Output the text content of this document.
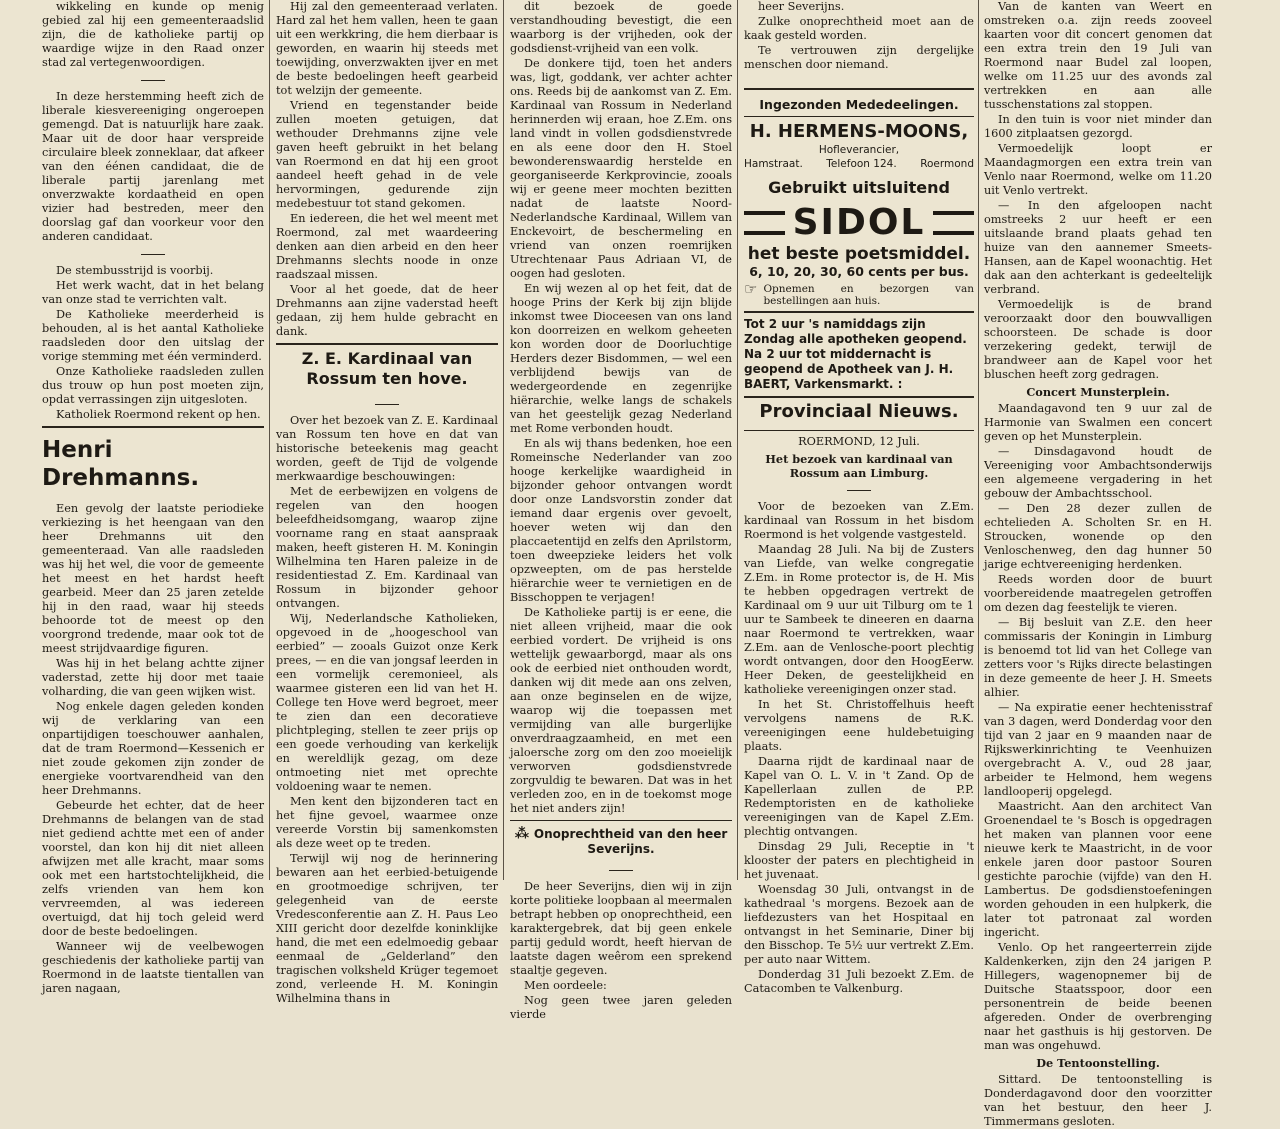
wikkeling en kunde op menig gebied zal hij een gemeenteraadslid zijn, die de katholieke partij op waardige wijze in den Raad onzer stad zal vertegenwoordigen.

In deze herstemming heeft zich de liberale kiesvereeniging ongeroepen gemengd. Dat is natuurlijk hare zaak. Maar uit de door haar verspreide circulaire bleek zonneklaar, dat afkeer van den éénen candidaat, die de liberale partij jarenlang met onverzwakte kordaatheid en open vizier had bestreden, meer den doorslag gaf dan voorkeur voor den anderen candidaat.

De stembusstrijd is voorbij.

Het werk wacht, dat in het belang van onze stad te verrichten valt.

De Katholieke meerderheid is behouden, al is het aantal Katholieke raadsleden door den uitslag der vorige stemming met één verminderd.

Onze Katholieke raadsleden zullen dus trouw op hun post moeten zijn, opdat verrassingen zijn uitgesloten.

Katholiek Roermond rekent op hen.

Henri Drehmanns.

Een gevolg der laatste periodieke verkiezing is het heengaan van den heer Drehmanns uit den gemeenteraad. Van alle raadsleden was hij het wel, die voor de gemeente het meest en het hardst heeft gearbeid. Meer dan 25 jaren zetelde hij in den raad, waar hij steeds behoorde tot de meest op den voorgrond tredende, maar ook tot de meest strijdvaardige figuren.

Was hij in het belang achtte zijner vaderstad, zette hij door met taaie volharding, die van geen wijken wist.

Nog enkele dagen geleden konden wij de verklaring van een onpartijdigen toeschouwer aanhalen, dat de tram Roermond—Kessenich er niet zoude gekomen zijn zonder de energieke voortvarendheid van den heer Drehmanns.

Gebeurde het echter, dat de heer Drehmanns de belangen van de stad niet gediend achtte met een of ander voorstel, dan kon hij dit niet alleen afwijzen met alle kracht, maar soms ook met een hartstochtelijkheid, die zelfs vrienden van hem kon vervreemden, al was iedereen overtuigd, dat hij toch geleid werd door de beste bedoelingen.

Wanneer wij de veelbewogen geschiedenis der katholieke partij van Roermond in de laatste tientallen van jaren nagaan,

Hij zal den gemeenteraad verlaten. Hard zal het hem vallen, heen te gaan uit een werkkring, die hem dierbaar is geworden, en waarin hij steeds met toewijding, onverzwakten ijver en met de beste bedoelingen heeft gearbeid tot welzijn der gemeente.

Vriend en tegenstander beide zullen moeten getuigen, dat wethouder Drehmanns zijne vele gaven heeft gebruikt in het belang van Roermond en dat hij een groot aandeel heeft gehad in de vele hervormingen, gedurende zijn medebestuur tot stand gekomen.

En iedereen, die het wel meent met Roermond, zal met waardeering denken aan dien arbeid en den heer Drehmanns slechts noode in onze raadszaal missen.

Voor al het goede, dat de heer Drehmanns aan zijne vaderstad heeft gedaan, zij hem hulde gebracht en dank.

Z. E. Kardinaal van Rossum ten hove.

Over het bezoek van Z. E. Kardinaal van Rossum ten hove en dat van historische beteekenis mag geacht worden, geeft de Tijd de volgende merkwaardige beschouwingen:

Met de eerbewijzen en volgens de regelen van den hoogen beleefdheidsomgang, waarop zijne voorname rang en staat aanspraak maken, heeft gisteren H. M. Koningin Wilhelmina ten Haren paleize in de residentiestad Z. Em. Kardinaal van Rossum in bijzonder gehoor ontvangen.

Wij, Nederlandsche Katholieken, opgevoed in de „hoogeschool van eerbied” — zooals Guizot onze Kerk prees, — en die van jongsaf leerden in een vormelijk ceremonieel, als waarmee gisteren een lid van het H. College ten Hove werd begroet, meer te zien dan een decoratieve plichtpleging, stellen te zeer prijs op een goede verhouding van kerkelijk en wereldlijk gezag, om deze ontmoeting niet met oprechte voldoening waar te nemen.

Men kent den bijzonderen tact en het fijne gevoel, waarmee onze vereerde Vorstin bij samenkomsten als deze weet op te treden.

Terwijl wij nog de herinnering bewaren aan het eerbied-betuigende en grootmoedige schrijven, ter gelegenheid van de eerste Vredesconferentie aan Z. H. Paus Leo XIII gericht door dezelfde koninklijke hand, die met een edelmoedig gebaar eenmaal de „Gelderland” den tragischen volksheld Krüger tegemoet zond, verleende H. M. Koningin Wilhelmina thans in

dit bezoek de goede verstandhouding bevestigt, die een waarborg is der vrijheden, ook der godsdienst-vrijheid van een volk.

De donkere tijd, toen het anders was, ligt, goddank, ver achter achter ons. Reeds bij de aankomst van Z. Em. Kardinaal van Rossum in Nederland herinnerden wij eraan, hoe Z.Em. ons land vindt in vollen godsdienstvrede en als eene door den H. Stoel bewonderenswaardig herstelde en georganiseerde Kerkprovincie, zooals wij er geene meer mochten bezitten nadat de laatste Noord-Nederlandsche Kardinaal, Willem van Enckevoirt, de beschermeling en vriend van onzen roemrijken Utrechtenaar Paus Adriaan VI, de oogen had gesloten.

En wij wezen al op het feit, dat de hooge Prins der Kerk bij zijn blijde inkomst twee Dioceesen van ons land kon doorreizen en welkom geheeten kon worden door de Doorluchtige Herders dezer Bisdommen, — wel een verblijdend bewijs van de wedergeordende en zegenrijke hiërarchie, welke langs de schakels van het geestelijk gezag Nederland met Rome verbonden houdt.

En als wij thans bedenken, hoe een Romeinsche Nederlander van zoo hooge kerkelijke waardigheid in bijzonder gehoor ontvangen wordt door onze Landsvorstin zonder dat iemand daar ergenis over gevoelt, hoever weten wij dan den placcaetentijd en zelfs den Aprilstorm, toen dweepzieke leiders het volk opzweepten, om de pas herstelde hiërarchie weer te vernietigen en de Bisschoppen te verjagen!

De Katholieke partij is er eene, die niet alleen vrijheid, maar die ook eerbied vordert. De vrijheid is ons wettelijk gewaarborgd, maar als ons ook de eerbied niet onthouden wordt, danken wij dit mede aan ons zelven, aan onze beginselen en de wijze, waarop wij die toepassen met vermijding van alle burgerlijke onverdraagzaamheid, en met een jaloersche zorg om den zoo moeielijk verworven godsdienstvrede zorgvuldig te bewaren. Dat was in het verleden zoo, en in de toekomst moge het niet anders zijn!

⁂ Onoprechtheid van den heer Severijns.

De heer Severijns, dien wij in zijn korte politieke loopbaan al meermalen betrapt hebben op onoprechtheid, een karaktergebrek, dat bij geen enkele partij geduld wordt, heeft hiervan de laatste dagen weêrom een sprekend staaltje gegeven.

Men oordeele:

Nog geen twee jaren geleden vierde

heer Severijns.

Zulke onoprechtheid moet aan de kaak gesteld worden.

Te vertrouwen zijn dergelijke menschen door niemand.

Ingezonden Mededeelingen.
H. HERMENS-MOONS,
Hofleverancier,
Hamstraat. Telefoon 124. Roermond
Gebruikt uitsluitend
SIDOL
het beste poetsmiddel.
6, 10, 20, 30, 60 cents per bus.
☞ Opnemen en bezorgen van bestellingen aan huis.
Tot 2 uur 's namiddags zijn Zondag alle apotheken geopend. Na 2 uur tot middernacht is geopend de Apotheek van J. H. BAERT, Varkensmarkt. :
Provinciaal Nieuws.
ROERMOND, 12 Juli.
Het bezoek van kardinaal van Rossum aan Limburg.

Voor de bezoeken van Z.Em. kardinaal van Rossum in het bisdom Roermond is het volgende vastgesteld.

Maandag 28 Juli. Na bij de Zusters van Liefde, van welke congregatie Z.Em. in Rome protector is, de H. Mis te hebben opgedragen vertrekt de Kardinaal om 9 uur uit Tilburg om te 1 uur te Sambeek te dineeren en daarna naar Roermond te vertrekken, waar Z.Em. aan de Venlosche-poort plechtig wordt ontvangen, door den HoogEerw. Heer Deken, de geestelijkheid en katholieke vereenigingen onzer stad.

In het St. Christoffelhuis heeft vervolgens namens de R.K. vereenigingen eene huldebetuiging plaats.

Daarna rijdt de kardinaal naar de Kapel van O. L. V. in 't Zand. Op de Kapellerlaan zullen de P.P. Redemptoristen en de katholieke vereenigingen van de Kapel Z.Em. plechtig ontvangen.

Dinsdag 29 Juli, Receptie in 't klooster der paters en plechtigheid in het juvenaat.

Woensdag 30 Juli, ontvangst in de kathedraal 's morgens. Bezoek aan de liefdezusters van het Hospitaal en ontvangst in het Seminarie, Diner bij den Bisschop. Te 5½ uur vertrekt Z.Em. per auto naar Wittem.

Donderdag 31 Juli bezoekt Z.Em. de Catacomben te Valkenburg.

Van de kanten van Weert en omstreken o.a. zijn reeds zooveel kaarten voor dit concert genomen dat een extra trein den 19 Juli van Roermond naar Budel zal loopen, welke om 11.25 uur des avonds zal vertrekken en aan alle tusschenstations zal stoppen.

In den tuin is voor niet minder dan 1600 zitplaatsen gezorgd.

Vermoedelijk loopt er Maandagmorgen een extra trein van Venlo naar Roermond, welke om 11.20 uit Venlo vertrekt.

— In den afgeloopen nacht omstreeks 2 uur heeft er een uitslaande brand plaats gehad ten huize van den aannemer Smeets-Hansen, aan de Kapel woonachtig. Het dak aan den achterkant is gedeeltelijk verbrand.

Vermoedelijk is de brand veroorzaakt door den bouwvalligen schoorsteen. De schade is door verzekering gedekt, terwijl de brandweer aan de Kapel voor het bluschen heeft zorg gedragen.

Concert Munsterplein.

Maandagavond ten 9 uur zal de Harmonie van Swalmen een concert geven op het Munsterplein.

— Dinsdagavond houdt de Vereeniging voor Ambachtsonderwijs een algemeene vergadering in het gebouw der Ambachtsschool.

— Den 28 dezer zullen de echtelieden A. Scholten Sr. en H. Stroucken, wonende op den Venloschenweg, den dag hunner 50 jarige echtvereeniging herdenken.

Reeds worden door de buurt voorbereidende maatregelen getroffen om dezen dag feestelijk te vieren.

— Bij besluit van Z.E. den heer commissaris der Koningin in Limburg is benoemd tot lid van het College van zetters voor 's Rijks directe belastingen in deze gemeente de heer J. H. Smeets alhier.

— Na expiratie eener hechtenisstraf van 3 dagen, werd Donderdag voor den tijd van 2 jaar en 9 maanden naar de Rijkswerkinrichting te Veenhuizen overgebracht A. V., oud 28 jaar, arbeider te Helmond, hem wegens landlooperij opgelegd.

Maastricht. Aan den architect Van Groenendael te 's Bosch is opgedragen het maken van plannen voor eene nieuwe kerk te Maastricht, in de voor enkele jaren door pastoor Souren gestichte parochie (vijfde) van den H. Lambertus. De godsdienstoefeningen worden gehouden in een hulpkerk, die later tot patronaat zal worden ingericht.

Venlo. Op het rangeerterrein zijde Kaldenkerken, zijn den 24 jarigen P. Hillegers, wagenopnemer bij de Duitsche Staatsspoor, door een personentrein de beide beenen afgereden. Onder de overbrenging naar het gasthuis is hij gestorven. De man was ongehuwd.

De Tentoonstelling.

Sittard. De tentoonstelling is Donderdagavond door den voorzitter van het bestuur, den heer J. Timmermans gesloten.
